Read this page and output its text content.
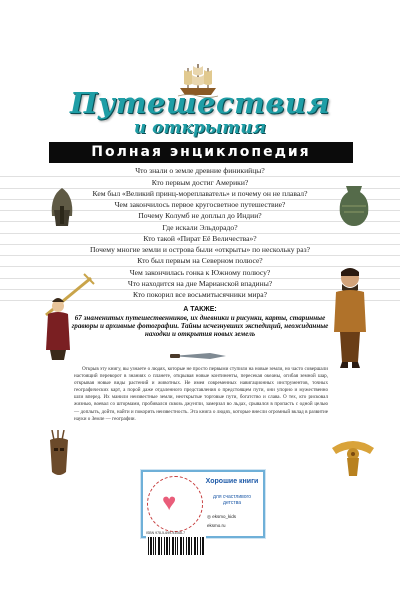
Путешествия
и открытия
Полная энциклопедия
Что знали о земле древние финикийцы?
Кто первым достиг Америки?
Кем был «Великий принц-мореплаватель» и почему он не плавал?
Чем закончилось первое кругосветное путешествие?
Почему Колумб не доплыл до Индии?
Где искали Эльдорадо?
Кто такой «Пират Её Величества»?
Почему многие земли и острова были «открыты» по нескольку раз?
Кто был первым на Северном полюсе?
Чем закончилась гонка к Южному полюсу?
Что находится на дне Марианской впадины?
Кто покорил все восьмитысячники мира?
А ТАКЖЕ:
67 знаменитых путешественников, их дневники и рисунки, карты, старинные гравюры и архивные фотографии. Тайны исчезнувших экспедиций, неожиданные находки и открытия новых земель
Открыв эту книгу, вы узнаете о людях, которые не просто первыми ступили на новые земли, но часто совершали настоящий переворот в знаниях о планете, открывая новые континенты, пересекая океаны, огибая земной шар, открывая новые виды растений и животных. Не имея современных навигационных инструментов, точных географических карт, а порой даже отдаленного представления о предстоящем пути, они упорно и мужественно шли вперед. Их манили неизвестные земли, неоткрытые торговые пути, богатство и слава. О тех, кто рисковал жизнью, воевал со штормами, пробивался сквозь джунгли, замерзал во льдах, срывался в пропасть с одной целью — доплыть, дойти, найти и покорить неизвестность. Эта книга о людях, которые внесли огромный вклад в развитие науки о Земле — географии.
♥
Хорошие книги
для счастливого детства
◎ eksmo_kids
eksmo.ru
ISBN 978-5-699-93068-7
